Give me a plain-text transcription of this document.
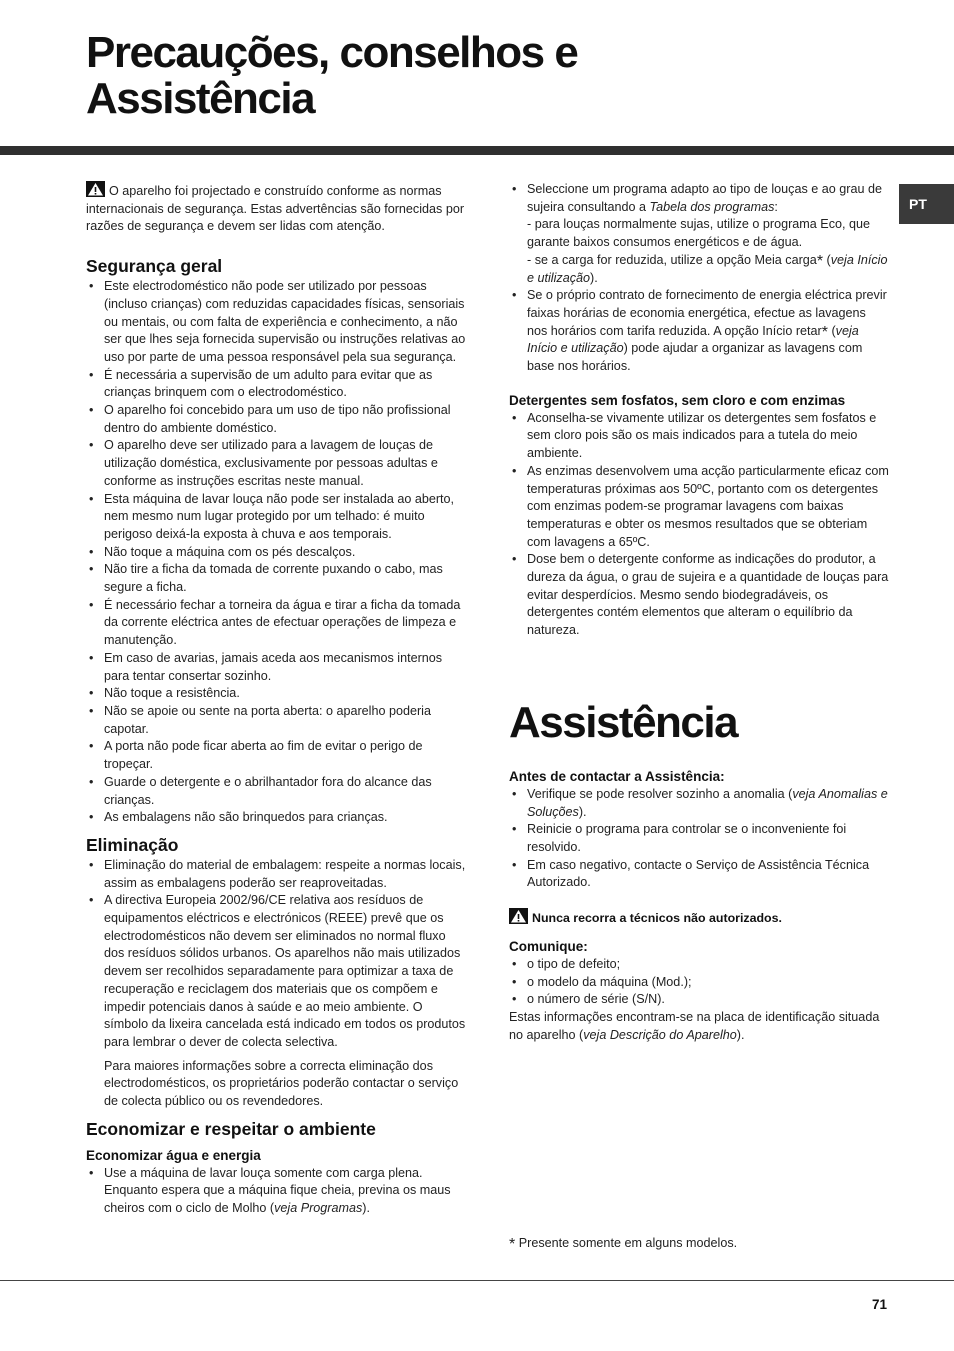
Precauções, conselhos e
Assistência
PT

O aparelho foi projectado e construído conforme as normas internacionais de segurança. Estas advertências são fornecidas por razões de segurança e devem ser lidas com atenção.

Segurança geral
• Este electrodoméstico não pode ser utilizado por pessoas (incluso crianças) com reduzidas capacidades físicas, sensoriais ou mentais, ou com falta de experiência e conhecimento, a não ser que lhes seja fornecida supervisão ou instruções relativas ao uso por parte de uma pessoa responsável pela sua segurança.
• É necessária a supervisão de um adulto para evitar que as crianças brinquem com o electrodoméstico.
• O aparelho foi concebido para um uso de tipo não profissional dentro do ambiente doméstico.
• O aparelho deve ser utilizado para a lavagem de louças de utilização doméstica, exclusivamente por pessoas adultas e conforme as instruções escritas neste manual.
• Esta máquina de lavar louça não pode ser instalada ao aberto, nem mesmo num lugar protegido por um telhado: é muito perigoso deixá-la exposta à chuva e aos temporais.
• Não toque a máquina com os pés descalços.
• Não tire a ficha da tomada de corrente puxando o cabo, mas segure a ficha.
• É necessário fechar a torneira da água e tirar a ficha da tomada da corrente eléctrica antes de efectuar operações de limpeza e manutenção.
• Em caso de avarias, jamais aceda aos mecanismos internos para tentar consertar sozinho.
• Não toque a resistência.
• Não se apoie ou sente na porta aberta: o aparelho poderia capotar.
• A porta não pode ficar aberta ao fim de evitar o perigo de tropeçar.
• Guarde o detergente e o abrilhantador fora do alcance das crianças.
• As embalagens não são brinquedos para crianças.
Eliminação
• Eliminação do material de embalagem: respeite a normas locais, assim as embalagens poderão ser reaproveitadas.
• A directiva Europeia 2002/96/CE relativa aos resíduos de equipamentos eléctricos e electrónicos (REEE) prevê que os electrodomésticos não devem ser eliminados no normal fluxo dos resíduos sólidos urbanos. Os aparelhos não mais utilizados devem ser recolhidos separadamente para optimizar a taxa de recuperação e reciclagem dos materiais que os compõem e impedir potenciais danos à saúde e ao meio ambiente. O símbolo da lixeira cancelada está indicado em todos os produtos para lembrar o dever de colecta selectiva.

Para maiores informações sobre a correcta eliminação dos electrodomésticos, os proprietários poderão contactar o serviço de colecta público ou os revendedores.

Economizar e respeitar o ambiente
Economizar água e energia
• Use a máquina de lavar louça somente com carga plena. Enquanto espera que a máquina fique cheia, previna os maus cheiros com o ciclo de Molho (veja Programas).
• Seleccione um programa adapto ao tipo de louças e ao grau de sujeira consultando a Tabela dos programas:
- para louças normalmente sujas, utilize o programa Eco, que garante baixos consumos energéticos e de água.
- se a carga for reduzida, utilize a opção Meia carga* (veja Início e utilização).
• Se o próprio contrato de fornecimento de energia eléctrica previr faixas horárias de economia energética, efectue as lavagens nos horários com tarifa reduzida. A opção Início retar* (veja Início e utilização) pode ajudar a organizar as lavagens com base nos horários.
Detergentes sem fosfatos, sem cloro e com enzimas
• Aconselha-se vivamente utilizar os detergentes sem fosfatos e sem cloro pois são os mais indicados para a tutela do meio ambiente.
• As enzimas desenvolvem uma acção particularmente eficaz com temperaturas próximas aos 50ºC, portanto com os detergentes com enzimas podem-se programar lavagens com baixas temperaturas e obter os mesmos resultados que se obteriam com lavagens a 65ºC.
• Dose bem o detergente conforme as indicações do produtor, a dureza da água, o grau de sujeira e a quantidade de louças para evitar desperdícios. Mesmo sendo biodegradáveis, os detergentes contém elementos que alteram o equilíbrio da natureza.
Assistência
Antes de contactar a Assistência:
• Verifique se pode resolver sozinho a anomalia (veja Anomalias e Soluções).
• Reinicie o programa para controlar se o inconveniente foi resolvido.
• Em caso negativo, contacte o Serviço de Assistência Técnica Autorizado.

Nunca recorra a técnicos não autorizados.

Comunique:
• o tipo de defeito;
• o modelo da máquina (Mod.);
• o número de série (S/N).

Estas informações encontram-se na placa de identificação situada no aparelho (veja Descrição do Aparelho).

* Presente somente em alguns modelos.
71
